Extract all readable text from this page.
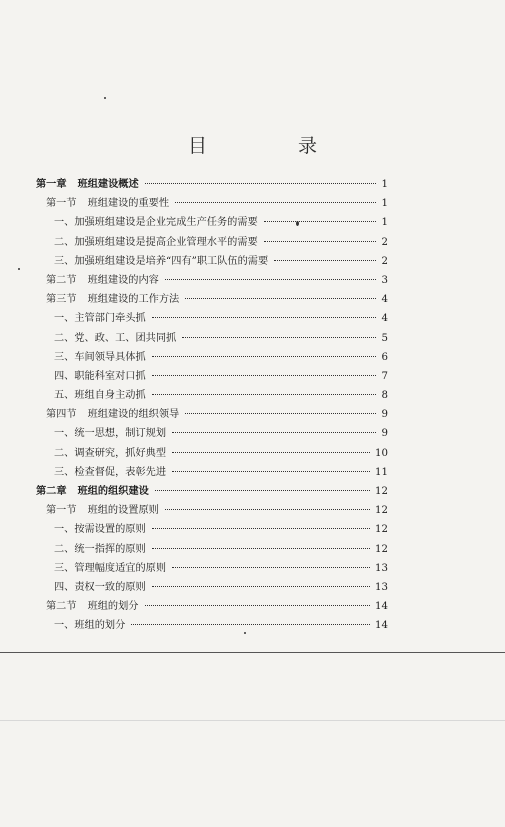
目　录
第一章 班组建设概述	1
第一节 班组建设的重要性	1
一、 加强班组建设是企业完成生产任务的需要	1
二、 加强班组建设是提高企业管理水平的需要	2
三、 加强班组建设是培养“四有”职工队伍的需要	2
第二节 班组建设的内容	3
第三节 班组建设的工作方法	4
一、 主管部门牵头抓	4
二、 党、政、工、团共同抓	5
三、 车间领导具体抓	6
四、 职能科室对口抓	7
五、 班组自身主动抓	8
第四节 班组建设的组织领导	9
一、 统一思想，制订规划	9
二、 调查研究，抓好典型	10
三、 检查督促，表彰先进	11
第二章 班组的组织建设	12
第一节 班组的设置原则	12
一、 按需设置的原则	12
二、 统一指挥的原则	12
三、 管理幅度适宜的原则	13
四、 责权一致的原则	13
第二节 班组的划分	14
一、 班组的划分	14
